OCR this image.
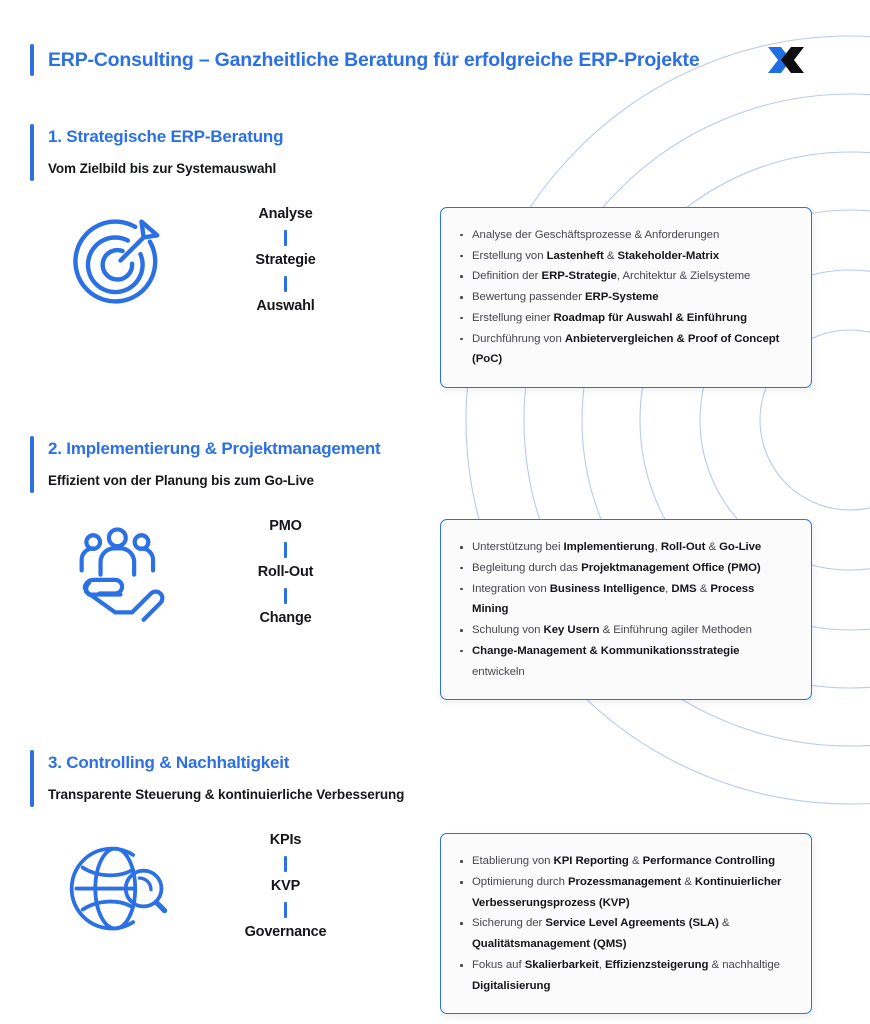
ERP-Consulting – Ganzheitliche Beratung für erfolgreiche ERP-Projekte
1. Strategische ERP-Beratung
Vom Zielbild bis zur Systemauswahl
Analyse
Strategie
Auswahl
Analyse der Geschäftsprozesse & Anforderungen
Erstellung von Lastenheft & Stakeholder-Matrix
Definition der ERP-Strategie, Architektur & Zielsysteme
Bewertung passender ERP-Systeme
Erstellung einer Roadmap für Auswahl & Einführung
Durchführung von Anbietervergleichen & Proof of Concept (PoC)
2. Implementierung & Projektmanagement
Effizient von der Planung bis zum Go-Live
PMO
Roll-Out
Change
Unterstützung bei Implementierung, Roll-Out & Go-Live
Begleitung durch das Projektmanagement Office (PMO)
Integration von Business Intelligence, DMS & Process Mining
Schulung von Key Usern & Einführung agiler Methoden
Change-Management & Kommunikationsstrategie entwickeln
3. Controlling & Nachhaltigkeit
Transparente Steuerung & kontinuierliche Verbesserung
KPIs
KVP
Governance
Etablierung von KPI Reporting & Performance Controlling
Optimierung durch Prozessmanagement & Kontinuierlicher Verbesserungsprozess (KVP)
Sicherung der Service Level Agreements (SLA) & Qualitätsmanagement (QMS)
Fokus auf Skalierbarkeit, Effizienzsteigerung & nachhaltige Digitalisierung
